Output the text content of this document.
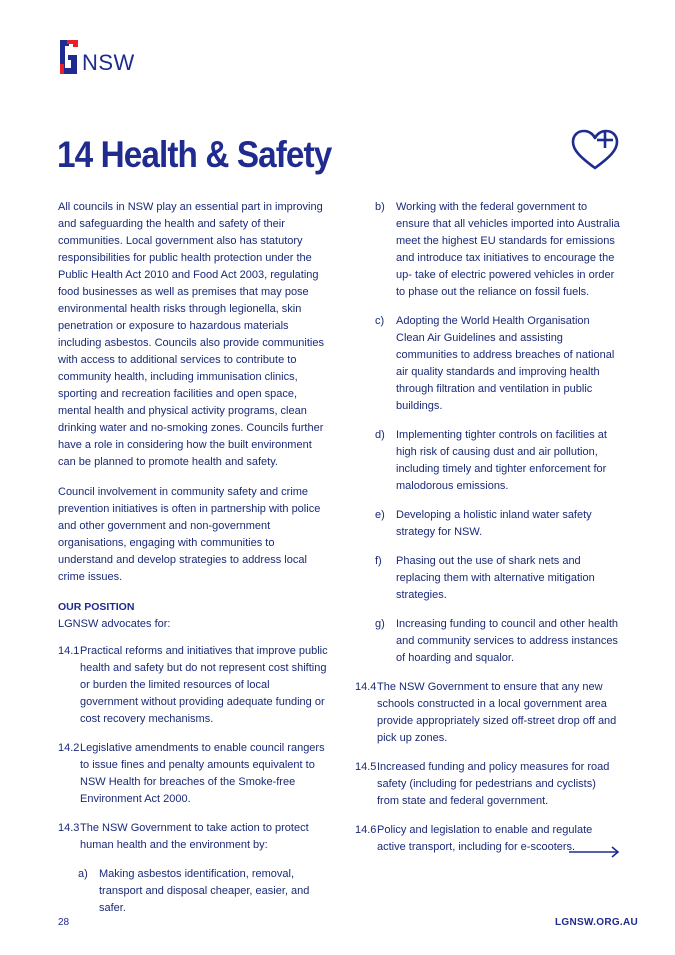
NSW
14 Health & Safety

All councils in NSW play an essential part in improving and safeguarding the health and safety of their communities. Local government also has statutory responsibilities for public health protection under the Public Health Act 2010 and Food Act 2003, regulating food businesses as well as premises that may pose environmental health risks through legionella, skin penetration or exposure to hazardous materials including asbestos. Councils also provide communities with access to additional services to contribute to community health, including immunisation clinics, sporting and recreation facilities and open space, mental health and physical activity programs, clean drinking water and no-smoking zones. Councils further have a role in considering how the built environment can be planned to promote health and safety.

Council involvement in community safety and crime prevention initiatives is often in partnership with police and other government and non-government organisations, engaging with communities to understand and develop strategies to address local crime issues.

OUR POSITION

LGNSW advocates for:

14.1 Practical reforms and initiatives that improve public health and safety but do not represent cost shifting or burden the limited resources of local government without providing adequate funding or cost recovery mechanisms.
14.2 Legislative amendments to enable council rangers to issue fines and penalty amounts equivalent to NSW Health for breaches of the Smoke-free Environment Act 2000.
14.3 The NSW Government to take action to protect human health and the environment by:
a)	Making asbestos identification, removal, transport and disposal cheaper, easier, and safer.
b)	Working with the federal government to ensure that all vehicles imported into Australia meet the highest EU standards for emissions and introduce tax initiatives to encourage the up- take of electric powered vehicles in order to phase out the reliance on fossil fuels.
c)	Adopting the World Health Organisation Clean Air Guidelines and assisting communities to address breaches of national air quality standards and improving health through filtration and ventilation in public buildings.
d)	Implementing tighter controls on facilities at high risk of causing dust and air pollution, including timely and tighter enforcement for malodorous emissions.
e)	Developing a holistic inland water safety strategy for NSW.
f)	Phasing out the use of shark nets and replacing them with alternative mitigation strategies.
g)	Increasing funding to council and other health and community services to address instances of hoarding and squalor.
14.4 The NSW Government to ensure that any new schools constructed in a local government area provide appropriately sized off-street drop off and pick up zones.
14.5 Increased funding and policy measures for road safety (including for pedestrians and cyclists) from state and federal government.
14.6 Policy and legislation to enable and regulate active transport, including for e-scooters.
28	LGNSW.ORG.AU
